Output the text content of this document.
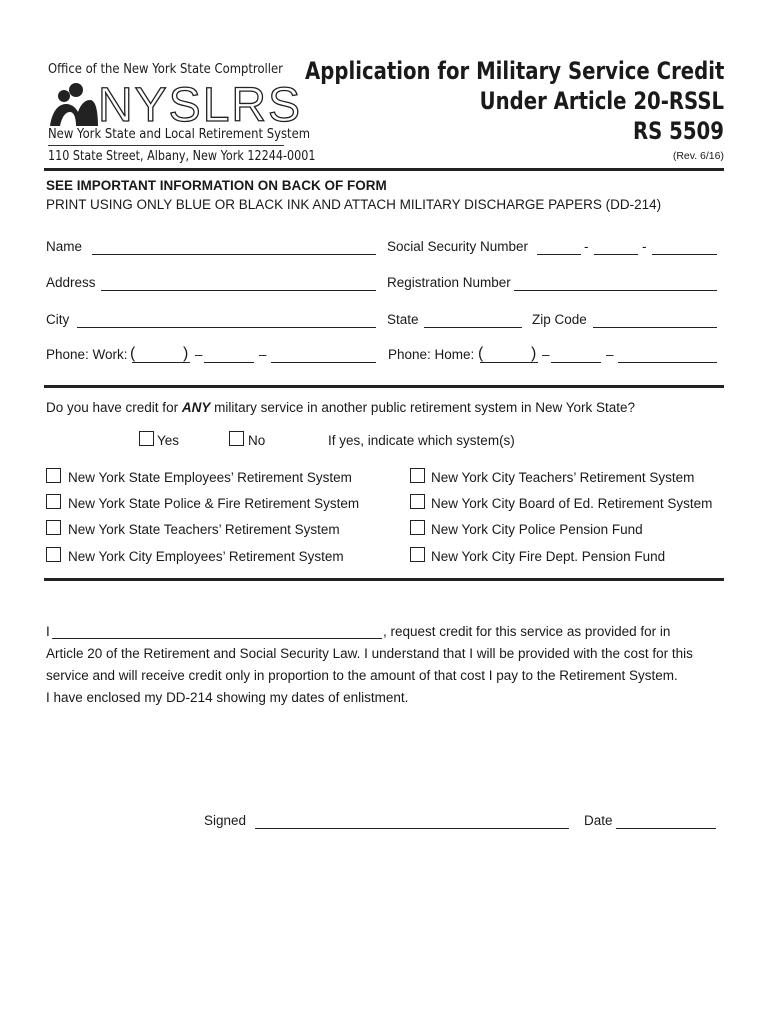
Office of the New York State Comptroller
NYSLRS
New York State and Local Retirement System
110 State Street, Albany, New York 12244-0001
Application for Military Service Credit
Under Article 20-RSSL
RS 5509
(Rev. 6/16)
SEE IMPORTANT INFORMATION ON BACK OF FORM
PRINT USING ONLY BLUE OR BLACK INK AND ATTACH MILITARY DISCHARGE PAPERS (DD-214)
Name	Social Security Number	-	-
Address	Registration Number
City	State	Zip Code
Phone: Work: (	) –	–	Phone: Home: (	) –	–
Do you have credit for ANY military service in another public retirement system in New York State?
Yes	No	If yes, indicate which system(s)
New York State Employees’ Retirement System
New York State Police & Fire Retirement System
New York State Teachers’ Retirement System
New York City Employees’ Retirement System
New York City Teachers’ Retirement System
New York City Board of Ed. Retirement System
New York City Police Pension Fund
New York City Fire Dept. Pension Fund
I	, request credit for this service as provided for in
Article 20 of the Retirement and Social Security Law. I understand that I will be provided with the cost for this
service and will receive credit only in proportion to the amount of that cost I pay to the Retirement System.
I have enclosed my DD-214 showing my dates of enlistment.
Signed	Date
